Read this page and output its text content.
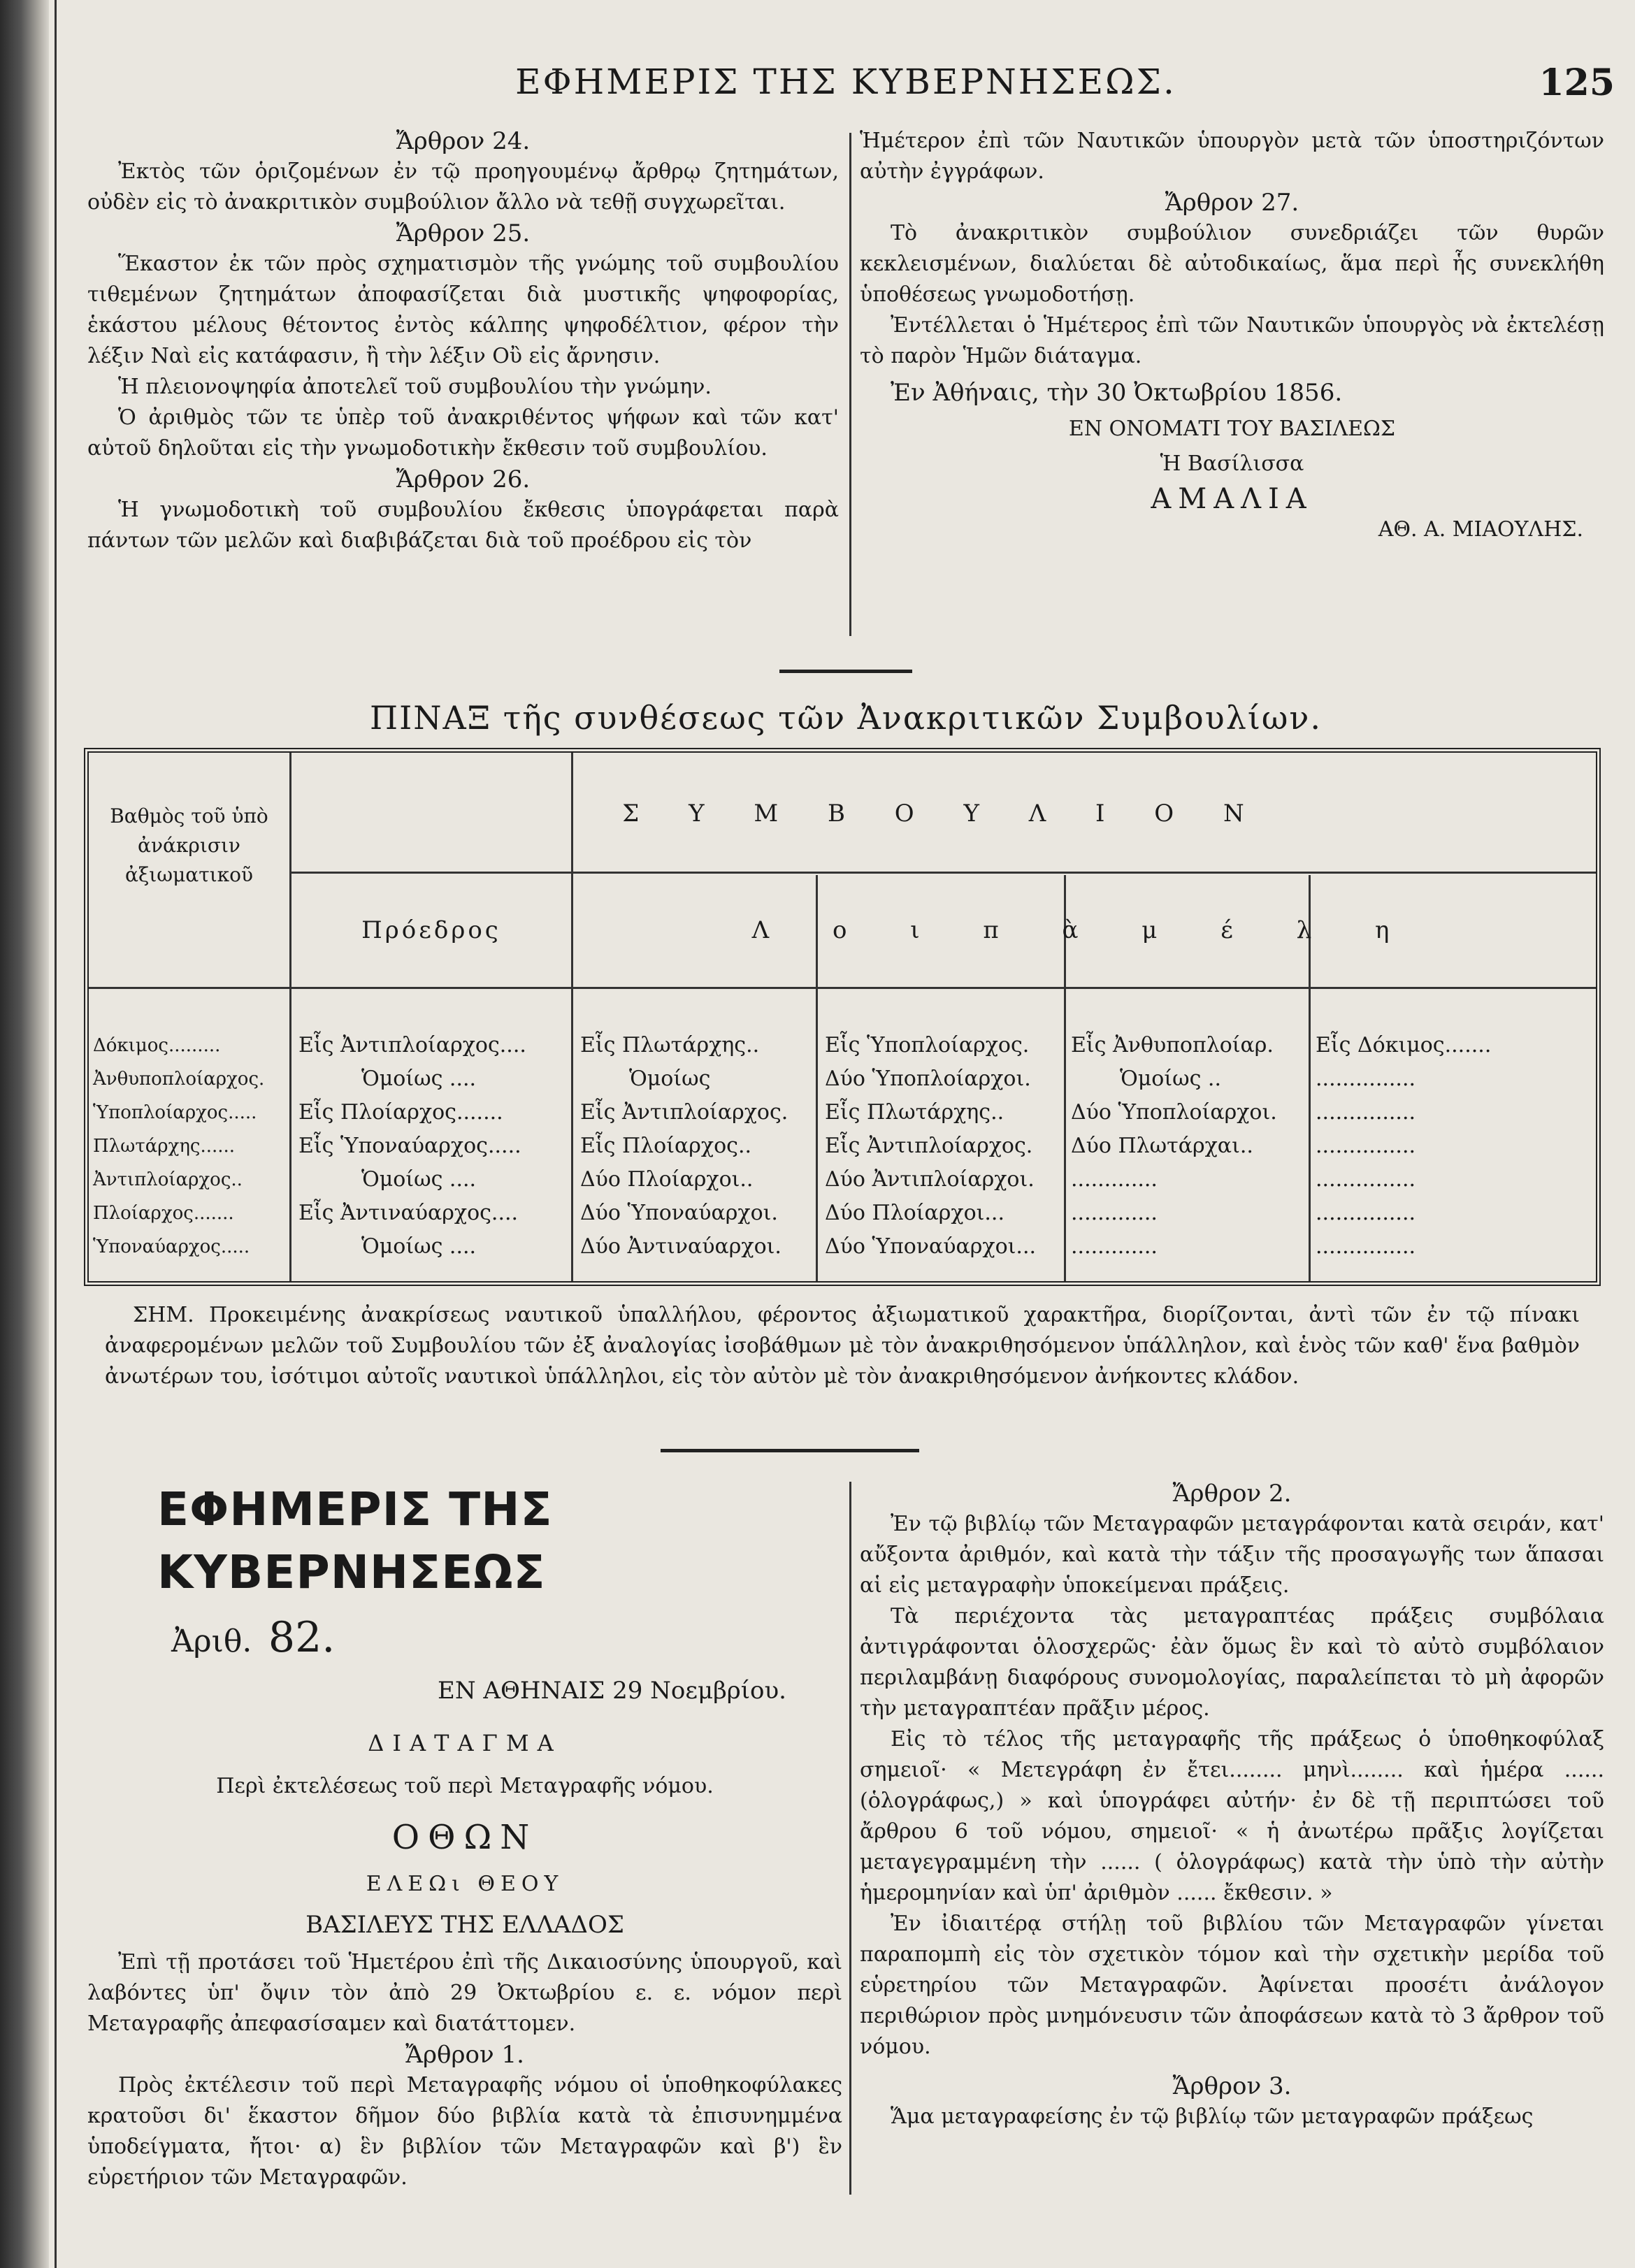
ΕΦΗΜΕΡΙΣ ΤΗΣ ΚΥΒΕΡΝΗΣΕΩΣ.	125

Ἄρθρον 24.

Ἐκτὸς τῶν ὁριζομένων ἐν τῷ προηγουμένῳ ἄρθρῳ ζητημάτων, οὐδὲν εἰς τὸ ἀνακριτικὸν συμβούλιον ἄλλο νὰ τεθῇ συγχωρεῖται.

Ἄρθρον 25.

Ἕκαστον ἐκ τῶν πρὸς σχηματισμὸν τῆς γνώμης τοῦ συμβουλίου τιθεμένων ζητημάτων ἀποφασίζεται διὰ μυστικῆς ψηφοφορίας, ἑκάστου μέλους θέτοντος ἐντὸς κάλπης ψηφοδέλτιον, φέρον τὴν λέξιν Ναὶ εἰς κατάφασιν, ἢ τὴν λέξιν Οὒ εἰς ἄρνησιν.

Ἡ πλειονοψηφία ἀποτελεῖ τοῦ συμβουλίου τὴν γνώμην.

Ὁ ἀριθμὸς τῶν τε ὑπὲρ τοῦ ἀνακριθέντος ψήφων καὶ τῶν κατ' αὐτοῦ δηλοῦται εἰς τὴν γνωμοδοτικὴν ἔκθεσιν τοῦ συμβουλίου.

Ἄρθρον 26.

Ἡ γνωμοδοτικὴ τοῦ συμβουλίου ἔκθεσις ὑπογράφεται παρὰ πάντων τῶν μελῶν καὶ διαβιβάζεται διὰ τοῦ προέδρου εἰς τὸν

Ἡμέτερον ἐπὶ τῶν Ναυτικῶν ὑπουργὸν μετὰ τῶν ὑποστηριζόντων αὐτὴν ἐγγράφων.

Ἄρθρον 27.

Τὸ ἀνακριτικὸν συμβούλιον συνεδριάζει τῶν θυρῶν κεκλεισμένων, διαλύεται δὲ αὐτοδικαίως, ἅμα περὶ ἧς συνεκλήθη ὑποθέσεως γνωμοδοτήσῃ.

Ἐντέλλεται ὁ Ἡμέτερος ἐπὶ τῶν Ναυτικῶν ὑπουργὸς νὰ ἐκτελέσῃ τὸ παρὸν Ἡμῶν διάταγμα.

Ἐν Ἀθήναις, τὴν 30 Ὀκτωβρίου 1856.

ΕΝ ΟΝΟΜΑΤΙ ΤΟΥ ΒΑΣΙΛΕΩΣ

Ἡ Βασίλισσα

ΑΜΑΛΙΑ

ΑΘ. Α. ΜΙΑΟΥΛΗΣ.

ΠΙΝΑΞ τῆς συνθέσεως τῶν Ἀνακριτικῶν Συμβουλίων.
Βαθμὸς τοῦ ὑπὸ
ἀνάκρισιν
ἀξιωματικοῦ
Σ Υ Μ Β Ο Υ Λ Ι Ο Ν
Πρόεδρος	Λ ο ι π ὰ μ έ λ η
Δόκιμος.........
Ἀνθυποπλοίαρχος.
Ὑποπλοίαρχος.....
Πλωτάρχης......
Ἀντιπλοίαρχος..
Πλοίαρχος.......
Ὑποναύαρχος.....
Εἷς Ἀντιπλοίαρχος....
Ὁμοίως ....
Εἷς Πλοίαρχος.......
Εἷς Ὑποναύαρχος.....
Ὁμοίως ....
Εἷς Ἀντιναύαρχος....
Ὁμοίως ....
Εἷς Πλωτάρχης..
Ὁμοίως
Εἷς Ἀντιπλοίαρχος.
Εἷς Πλοίαρχος..
Δύο Πλοίαρχοι..
Δύο Ὑποναύαρχοι.
Δύο Ἀντιναύαρχοι.
Εἷς Ὑποπλοίαρχος.
Δύο Ὑποπλοίαρχοι.
Εἷς Πλωτάρχης..
Εἷς Ἀντιπλοίαρχος.
Δύο Ἀντιπλοίαρχοι.
Δύο Πλοίαρχοι...
Δύο Ὑποναύαρχοι...
Εἷς Ἀνθυποπλοίαρ.
Ὁμοίως ..
Δύο Ὑποπλοίαρχοι.
Δύο Πλωτάρχαι..
.............
.............
.............
Εἷς Δόκιμος.......
...............
...............
...............
...............
...............
...............
ΣΗΜ. Προκειμένης ἀνακρίσεως ναυτικοῦ ὑπαλλήλου, φέροντος ἀξιωματικοῦ χαρακτῆρα, διορίζονται, ἀντὶ τῶν ἐν τῷ πίνακι ἀναφερομένων μελῶν τοῦ Συμβουλίου τῶν ἐξ ἀναλογίας ἰσοβάθμων μὲ τὸν ἀνακριθησόμενον ὑπάλληλον, καὶ ἑνὸς τῶν καθ' ἕνα βαθμὸν ἀνωτέρων του, ἰσότιμοι αὐτοῖς ναυτικοὶ ὑπάλληλοι, εἰς τὸν αὐτὸν μὲ τὸν ἀνακριθησόμενον ἀνήκοντες κλάδον.

ΕΦΗΜΕΡΙΣ ΤΗΣ ΚΥΒΕΡΝΗΣΕΩΣ

Ἀριθ. 82.

ΕΝ ΑΘΗΝΑΙΣ 29 Νοεμβρίου.

ΔΙΑΤΑΓΜΑ

Περὶ ἐκτελέσεως τοῦ περὶ Μεταγραφῆς νόμου.

ΟΘΩΝ

ΕΛΕΩι ΘΕΟΥ

ΒΑΣΙΛΕΥΣ ΤΗΣ ΕΛΛΑΔΟΣ

Ἐπὶ τῇ προτάσει τοῦ Ἡμετέρου ἐπὶ τῆς Δικαιοσύνης ὑπουργοῦ, καὶ λαβόντες ὑπ' ὄψιν τὸν ἀπὸ 29 Ὀκτωβρίου ε. ε. νόμον περὶ Μεταγραφῆς ἀπεφασίσαμεν καὶ διατάττομεν.

Ἄρθρον 1.

Πρὸς ἐκτέλεσιν τοῦ περὶ Μεταγραφῆς νόμου οἱ ὑποθηκοφύλακες κρατοῦσι δι' ἕκαστον δῆμον δύο βιβλία κατὰ τὰ ἐπισυνημμένα ὑποδείγματα, ἤτοι· α) ἓν βιβλίον τῶν Μεταγραφῶν καὶ β') ἓν εὑρετήριον τῶν Μεταγραφῶν.

Ἄρθρον 2.

Ἐν τῷ βιβλίῳ τῶν Μεταγραφῶν μεταγράφονται κατὰ σειράν, κατ' αὔξοντα ἀριθμόν, καὶ κατὰ τὴν τάξιν τῆς προσαγωγῆς των ἅπασαι αἱ εἰς μεταγραφὴν ὑποκείμεναι πράξεις.

Τὰ περιέχοντα τὰς μεταγραπτέας πράξεις συμβόλαια ἀντιγράφονται ὁλοσχερῶς· ἐὰν ὅμως ἓν καὶ τὸ αὐτὸ συμβόλαιον περιλαμβάνῃ διαφόρους συνομολογίας, παραλείπεται τὸ μὴ ἀφορῶν τὴν μεταγραπτέαν πρᾶξιν μέρος.

Εἰς τὸ τέλος τῆς μεταγραφῆς τῆς πράξεως ὁ ὑποθηκοφύλαξ σημειοῖ· « Μετεγράφη ἐν ἔτει........ μηνὶ........ καὶ ἡμέρα ...... (ὁλογράφως,) » καὶ ὑπογράφει αὐτήν· ἐν δὲ τῇ περιπτώσει τοῦ ἄρθρου 6 τοῦ νόμου, σημειοῖ· « ἡ ἀνωτέρω πρᾶξις λογίζεται μεταγεγραμμένη τὴν ...... ( ὁλογράφως) κατὰ τὴν ὑπὸ τὴν αὐτὴν ἡμερομηνίαν καὶ ὑπ' ἀριθμὸν ...... ἔκθεσιν. »

Ἐν ἰδιαιτέρᾳ στήλῃ τοῦ βιβλίου τῶν Μεταγραφῶν γίνεται παραπομπὴ εἰς τὸν σχετικὸν τόμον καὶ τὴν σχετικὴν μερίδα τοῦ εὑρετηρίου τῶν Μεταγραφῶν. Ἀφίνεται προσέτι ἀνάλογον περιθώριον πρὸς μνημόνευσιν τῶν ἀποφάσεων κατὰ τὸ 3 ἄρθρον τοῦ νόμου.

Ἄρθρον 3.

Ἅμα μεταγραφείσης ἐν τῷ βιβλίῳ τῶν μεταγραφῶν πράξεως
